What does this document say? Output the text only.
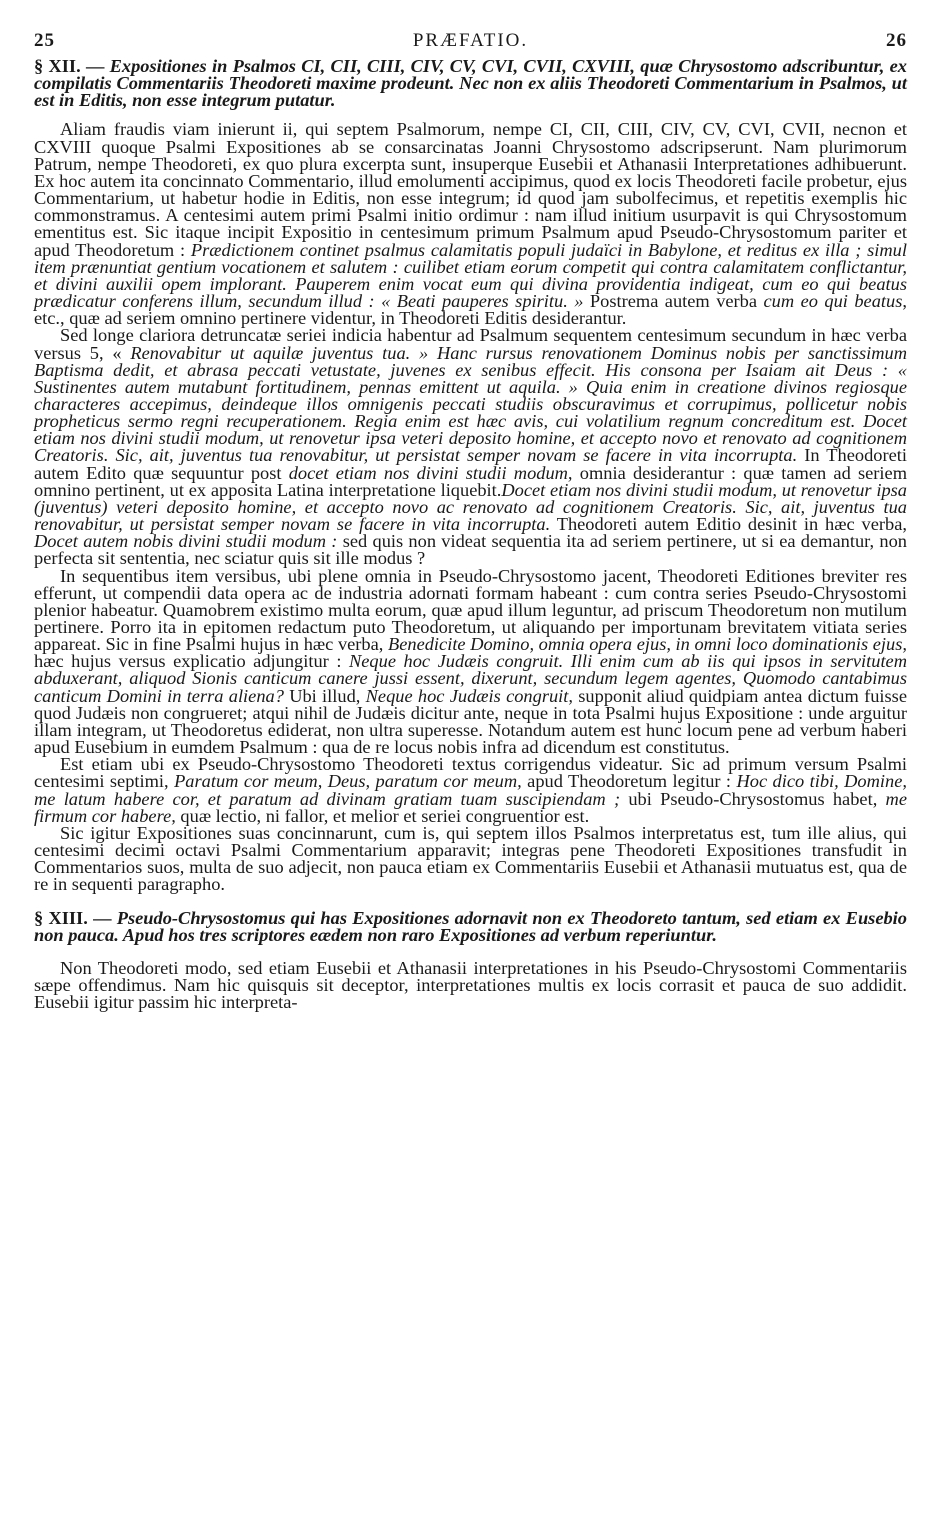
25	PRÆFATIO.	26
§ XII. — Expositiones in Psalmos CI, CII, CIII, CIV, CV, CVI, CVII, CXVIII, quæ Chrysostomo adscribuntur, ex compilatis Commentariis Theodoreti maxime prodeunt. Nec non ex aliis Theodoreti Commentarium in Psalmos, ut est in Editis, non esse integrum putatur.

Aliam fraudis viam inierunt ii, qui septem Psalmorum, nempe CI, CII, CIII, CIV, CV, CVI, CVII, necnon et CXVIII quoque Psalmi Expositiones ab se consarcinatas Joanni Chrysostomo adscripserunt. Nam plurimorum Patrum, nempe Theodoreti, ex quo plura excerpta sunt, insuperque Eusebii et Athanasii Interpretationes adhibuerunt. Ex hoc autem ita concinnato Commentario, illud emolumenti accipimus, quod ex locis Theodoreti facile probetur, ejus Commentarium, ut habetur hodie in Editis, non esse integrum; id quod jam subolfecimus, et repetitis exemplis hic commonstramus. A centesimi autem primi Psalmi initio ordimur : nam illud initium usurpavit is qui Chrysostomum ementitus est. Sic itaque incipit Expositio in centesimum primum Psalmum apud Pseudo-Chrysostomum pariter et apud Theodoretum : Prædictionem continet psalmus calamitatis populi judaïci in Babylone, et reditus ex illa ; simul item prænuntiat gentium vocationem et salutem : cuilibet etiam eorum competit qui contra calamitatem conflictantur, et divini auxilii opem implorant. Pauperem enim vocat eum qui divina providentia indigeat, cum eo qui beatus prædicatur conferens illum, secundum illud : « Beati pauperes spiritu. » Postrema autem verba cum eo qui beatus, etc., quæ ad seriem omnino pertinere videntur, in Theodoreti Editis desiderantur.

Sed longe clariora detruncatæ seriei indicia habentur ad Psalmum sequentem centesimum secundum in hæc verba versus 5, « Renovabitur ut aquilæ juventus tua. » Hanc rursus renovationem Dominus nobis per sanctissimum Baptisma dedit, et abrasa peccati vetustate, juvenes ex senibus effecit. His consona per Isaiam ait Deus : « Sustinentes autem mutabunt fortitudinem, pennas emittent ut aquila. » Quia enim in creatione divinos regiosque characteres accepimus, deindeque illos omnigenis peccati studiis obscuravimus et corrupimus, pollicetur nobis propheticus sermo regni recuperationem. Regia enim est hæc avis, cui volatilium regnum concreditum est. Docet etiam nos divini studii modum, ut renovetur ipsa veteri deposito homine, et accepto novo et renovato ad cognitionem Creatoris. Sic, ait, juventus tua renovabitur, ut persistat semper novam se facere in vita incorrupta. In Theodoreti autem Edito quæ sequuntur post docet etiam nos divini studii modum, omnia desiderantur : quæ tamen ad seriem omnino pertinent, ut ex apposita Latina interpretatione liquebit.Docet etiam nos divini studii modum, ut renovetur ipsa (juventus) veteri deposito homine, et accepto novo ac renovato ad cognitionem Creatoris. Sic, ait, juventus tua renovabitur, ut persistat semper novam se facere in vita incorrupta. Theodoreti autem Editio desinit in hæc verba, Docet autem nobis divini studii modum : sed quis non videat sequentia ita ad seriem pertinere, ut si ea demantur, non perfecta sit sententia, nec sciatur quis sit ille modus ?

In sequentibus item versibus, ubi plene omnia in Pseudo-Chrysostomo jacent, Theodoreti Editiones breviter res efferunt, ut compendii data opera ac de industria adornati formam habeant : cum contra series Pseudo-Chrysostomi plenior habeatur. Quamobrem existimo multa eorum, quæ apud illum leguntur, ad priscum Theodoretum non mutilum pertinere. Porro ita in epitomen redactum puto Theodoretum, ut aliquando per importunam brevitatem vitiata series appareat. Sic in fine Psalmi hujus in hæc verba, Benedicite Domino, omnia opera ejus, in omni loco dominationis ejus, hæc hujus versus explicatio adjungitur : Neque hoc Judæis congruit. Illi enim cum ab iis qui ipsos in servitutem abduxerant, aliquod Sionis canticum canere jussi essent, dixerunt, secundum legem agentes, Quomodo cantabimus canticum Domini in terra aliena? Ubi illud, Neque hoc Judæis congruit, supponit aliud quidpiam antea dictum fuisse quod Judæis non congrueret; atqui nihil de Judæis dicitur ante, neque in tota Psalmi hujus Expositione : unde arguitur illam integram, ut Theodoretus ediderat, non ultra superesse. Notandum autem est hunc locum pene ad verbum haberi apud Eusebium in eumdem Psalmum : qua de re locus nobis infra ad dicendum est constitutus.

Est etiam ubi ex Pseudo-Chrysostomo Theodoreti textus corrigendus videatur. Sic ad primum versum Psalmi centesimi septimi, Paratum cor meum, Deus, paratum cor meum, apud Theodoretum legitur : Hoc dico tibi, Domine, me latum habere cor, et paratum ad divinam gratiam tuam suscipiendam ; ubi Pseudo-Chrysostomus habet, me firmum cor habere, quæ lectio, ni fallor, et melior et seriei congruentior est.

Sic igitur Expositiones suas concinnarunt, cum is, qui septem illos Psalmos interpretatus est, tum ille alius, qui centesimi decimi octavi Psalmi Commentarium apparavit; integras pene Theodoreti Expositiones transfudit in Commentarios suos, multa de suo adjecit, non pauca etiam ex Commentariis Eusebii et Athanasii mutuatus est, qua de re in sequenti paragrapho.

§ XIII. — Pseudo-Chrysostomus qui has Expositiones adornavit non ex Theodoreto tantum, sed etiam ex Eusebio non pauca. Apud hos tres scriptores eædem non raro Expositiones ad verbum reperiuntur.

Non Theodoreti modo, sed etiam Eusebii et Athanasii interpretationes in his Pseudo-Chrysostomi Commentariis sæpe offendimus. Nam hic quisquis sit deceptor, interpretationes multis ex locis corrasit et pauca de suo addidit. Eusebii igitur passim hic interpreta-
